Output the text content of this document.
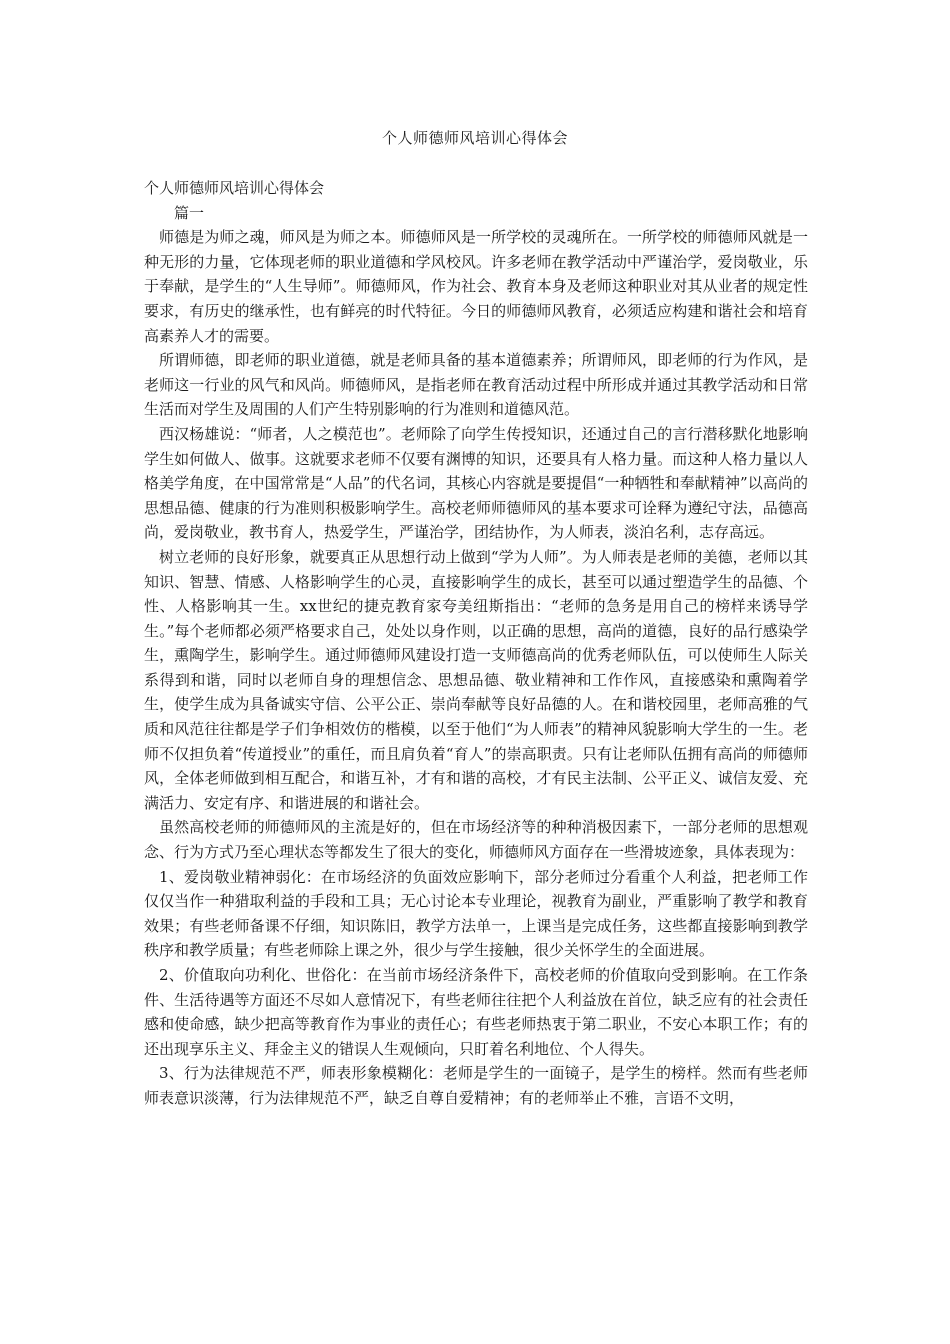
个人师德师风培训心得体会

个人师德师风培训心得体会

篇一

师德是为师之魂，师风是为师之本。师德师风是一所学校的灵魂所在。一所学校的师德师风就是一种无形的力量，它体现老师的职业道德和学风校风。许多老师在教学活动中严谨治学，爱岗敬业，乐于奉献，是学生的“人生导师”。师德师风，作为社会、教育本身及老师这种职业对其从业者的规定性要求，有历史的继承性，也有鲜亮的时代特征。今日的师德师风教育，必须适应构建和谐社会和培育高素养人才的需要。

所谓师德，即老师的职业道德，就是老师具备的基本道德素养；所谓师风，即老师的行为作风，是老师这一行业的风气和风尚。师德师风，是指老师在教育活动过程中所形成并通过其教学活动和日常生活而对学生及周围的人们产生特别影响的行为准则和道德风范。

西汉杨雄说：“师者，人之模范也”。老师除了向学生传授知识，还通过自己的言行潜移默化地影响学生如何做人、做事。这就要求老师不仅要有渊博的知识，还要具有人格力量。而这种人格力量以人格美学角度，在中国常常是“人品”的代名词，其核心内容就是要提倡“一种牺牲和奉献精神”以高尚的思想品德、健康的行为准则积极影响学生。高校老师师德师风的基本要求可诠释为遵纪守法，品德高尚，爱岗敬业，教书育人，热爱学生，严谨治学，团结协作，为人师表，淡泊名利，志存高远。

树立老师的良好形象，就要真正从思想行动上做到“学为人师”。为人师表是老师的美德，老师以其知识、智慧、情感、人格影响学生的心灵，直接影响学生的成长，甚至可以通过塑造学生的品德、个性、人格影响其一生。xx世纪的捷克教育家夸美纽斯指出：“老师的急务是用自己的榜样来诱导学生。”每个老师都必须严格要求自己，处处以身作则，以正确的思想，高尚的道德，良好的品行感染学生，熏陶学生，影响学生。通过师德师风建设打造一支师德高尚的优秀老师队伍，可以使师生人际关系得到和谐，同时以老师自身的理想信念、思想品德、敬业精神和工作作风，直接感染和熏陶着学生，使学生成为具备诚实守信、公平公正、崇尚奉献等良好品德的人。在和谐校园里，老师高雅的气质和风范往往都是学子们争相效仿的楷模，以至于他们“为人师表”的精神风貌影响大学生的一生。老师不仅担负着“传道授业”的重任，而且肩负着“育人”的崇高职责。只有让老师队伍拥有高尚的师德师风，全体老师做到相互配合，和谐互补，才有和谐的高校，才有民主法制、公平正义、诚信友爱、充满活力、安定有序、和谐进展的和谐社会。

虽然高校老师的师德师风的主流是好的，但在市场经济等的种种消极因素下，一部分老师的思想观念、行为方式乃至心理状态等都发生了很大的变化，师德师风方面存在一些滑坡迹象，具体表现为：

1、爱岗敬业精神弱化：在市场经济的负面效应影响下，部分老师过分看重个人利益，把老师工作仅仅当作一种猎取利益的手段和工具；无心讨论本专业理论，视教育为副业，严重影响了教学和教育效果；有些老师备课不仔细，知识陈旧，教学方法单一，上课当是完成任务，这些都直接影响到教学秩序和教学质量；有些老师除上课之外，很少与学生接触，很少关怀学生的全面进展。

2、价值取向功利化、世俗化：在当前市场经济条件下，高校老师的价值取向受到影响。在工作条件、生活待遇等方面还不尽如人意情况下，有些老师往往把个人利益放在首位，缺乏应有的社会责任感和使命感，缺少把高等教育作为事业的责任心；有些老师热衷于第二职业，不安心本职工作；有的还出现享乐主义、拜金主义的错误人生观倾向，只盯着名利地位、个人得失。

3、行为法律规范不严，师表形象模糊化：老师是学生的一面镜子，是学生的榜样。然而有些老师师表意识淡薄，行为法律规范不严，缺乏自尊自爱精神；有的老师举止不雅，言语不文明，
